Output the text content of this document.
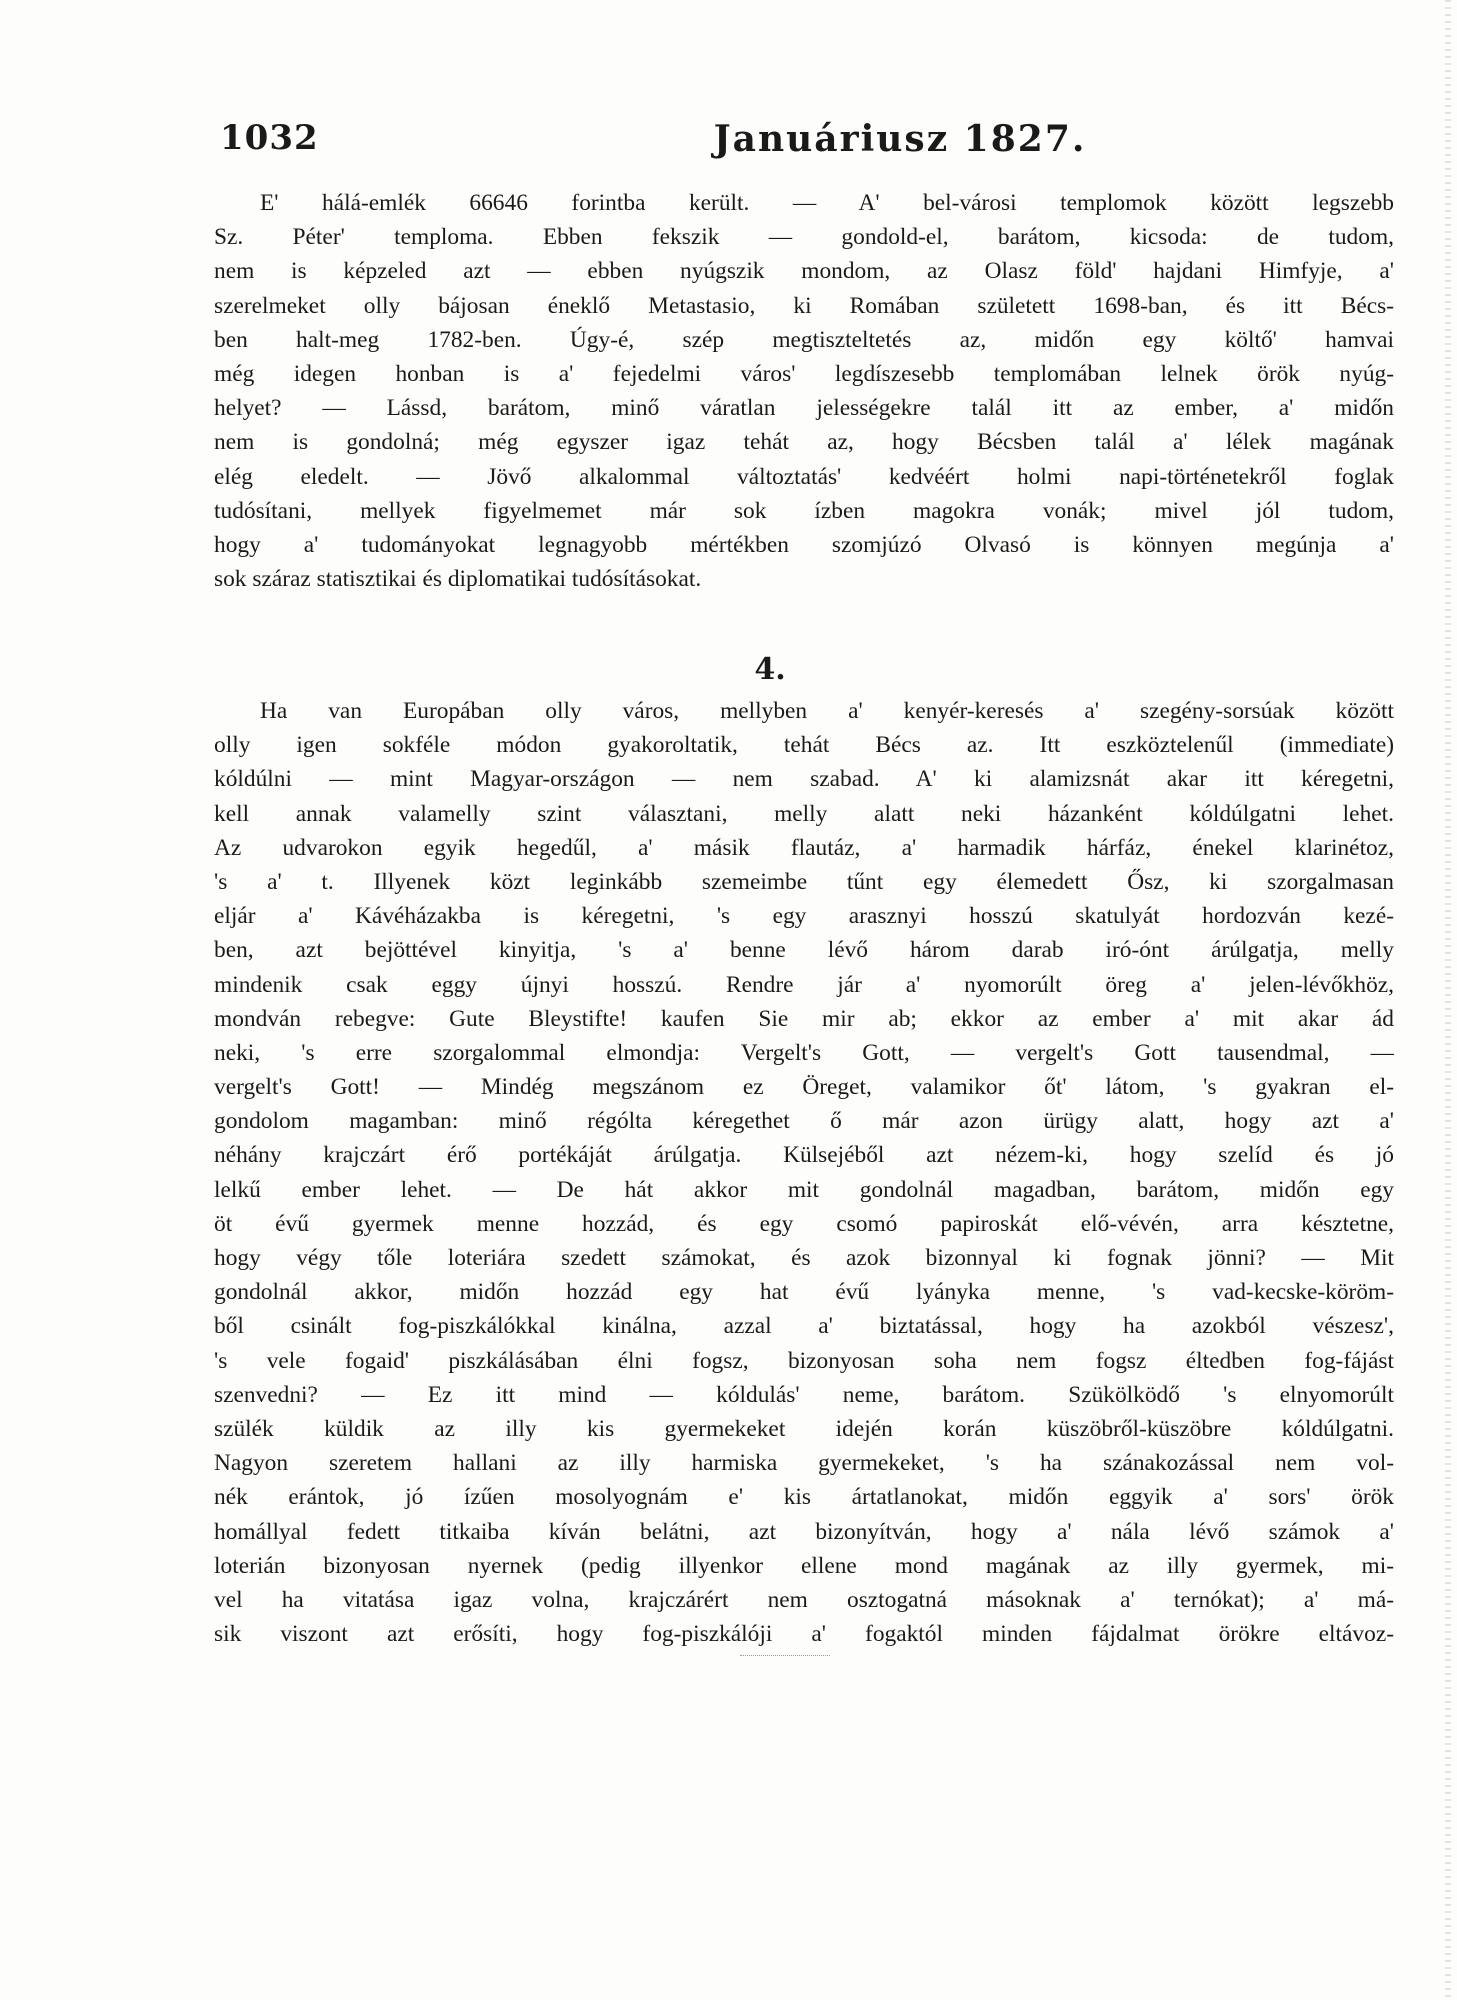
1032	Januáriusz 1827.
E' hálá-emlék 66646 forintba került. — A' bel-városi templomok között legszebb
Sz. Péter' temploma. Ebben fekszik — gondold-el, barátom, kicsoda: de tudom,
nem is képzeled azt — ebben nyúgszik mondom, az Olasz föld' hajdani Himfyje, a'
szerelmeket olly bájosan éneklő Metastasio, ki Romában született 1698-ban, és itt Bécs-
ben halt-meg 1782-ben. Úgy-é, szép megtiszteltetés az, midőn egy költő' hamvai
még idegen honban is a' fejedelmi város' legdíszesebb templomában lelnek örök nyúg-
helyet? — Lássd, barátom, minő váratlan jelességekre talál itt az ember, a' midőn
nem is gondolná; még egyszer igaz tehát az, hogy Bécsben talál a' lélek magának
elég eledelt. — Jövő alkalommal változtatás' kedvéért holmi napi-történetekről foglak
tudósítani, mellyek figyelmemet már sok ízben magokra vonák; mivel jól tudom,
hogy a' tudományokat legnagyobb mértékben szomjúzó Olvasó is könnyen megúnja a'
sok száraz statisztikai és diplomatikai tudósításokat.
4.
Ha van Europában olly város, mellyben a' kenyér-keresés a' szegény-sorsúak között
olly igen sokféle módon gyakoroltatik, tehát Bécs az. Itt eszköztelenűl (immediate)
kóldúlni — mint Magyar-országon — nem szabad. A' ki alamizsnát akar itt kéregetni,
kell annak valamelly szint választani, melly alatt neki házanként kóldúlgatni lehet.
Az udvarokon egyik hegedűl, a' másik flautáz, a' harmadik hárfáz, énekel klarinétoz,
's a' t. Illyenek közt leginkább szemeimbe tűnt egy élemedett Ősz, ki szorgalmasan
eljár a' Kávéházakba is kéregetni, 's egy arasznyi hosszú skatulyát hordozván kezé-
ben, azt bejöttével kinyitja, 's a' benne lévő három darab iró-ónt árúlgatja, melly
mindenik csak eggy újnyi hosszú. Rendre jár a' nyomorúlt öreg a' jelen-lévőkhöz,
mondván rebegve: Gute Bleystifte! kaufen Sie mir ab; ekkor az ember a' mit akar ád
neki, 's erre szorgalommal elmondja: Vergelt's Gott, — vergelt's Gott tausendmal, —
vergelt's Gott! — Mindég megszánom ez Öreget, valamikor őt' látom, 's gyakran el-
gondolom magamban: minő régólta kéregethet ő már azon ürügy alatt, hogy azt a'
néhány krajczárt érő portékáját árúlgatja. Külsejéből azt nézem-ki, hogy szelíd és jó
lelkű ember lehet. — De hát akkor mit gondolnál magadban, barátom, midőn egy
öt évű gyermek menne hozzád, és egy csomó papiroskát elő-vévén, arra késztetne,
hogy végy tőle loteriára szedett számokat, és azok bizonnyal ki fognak jönni? — Mit
gondolnál akkor, midőn hozzád egy hat évű lyányka menne, 's vad-kecske-köröm-
ből csinált fog-piszkálókkal kinálna, azzal a' biztatással, hogy ha azokból vészesz',
's vele fogaid' piszkálásában élni fogsz, bizonyosan soha nem fogsz éltedben fog-fájást
szenvedni? — Ez itt mind — kóldulás' neme, barátom. Szükölködő 's elnyomorúlt
szülék küldik az illy kis gyermekeket idején korán küszöbről-küszöbre kóldúlgatni.
Nagyon szeretem hallani az illy harmiska gyermekeket, 's ha szánakozással nem vol-
nék erántok, jó ízűen mosolyognám e' kis ártatlanokat, midőn eggyik a' sors' örök
homállyal fedett titkaiba kíván belátni, azt bizonyítván, hogy a' nála lévő számok a'
loterián bizonyosan nyernek (pedig illyenkor ellene mond magának az illy gyermek, mi-
vel ha vitatása igaz volna, krajczárért nem osztogatná másoknak a' ternókat); a' má-
sik viszont azt erősíti, hogy fog-piszkálóji a' fogaktól minden fájdalmat örökre eltávoz-
